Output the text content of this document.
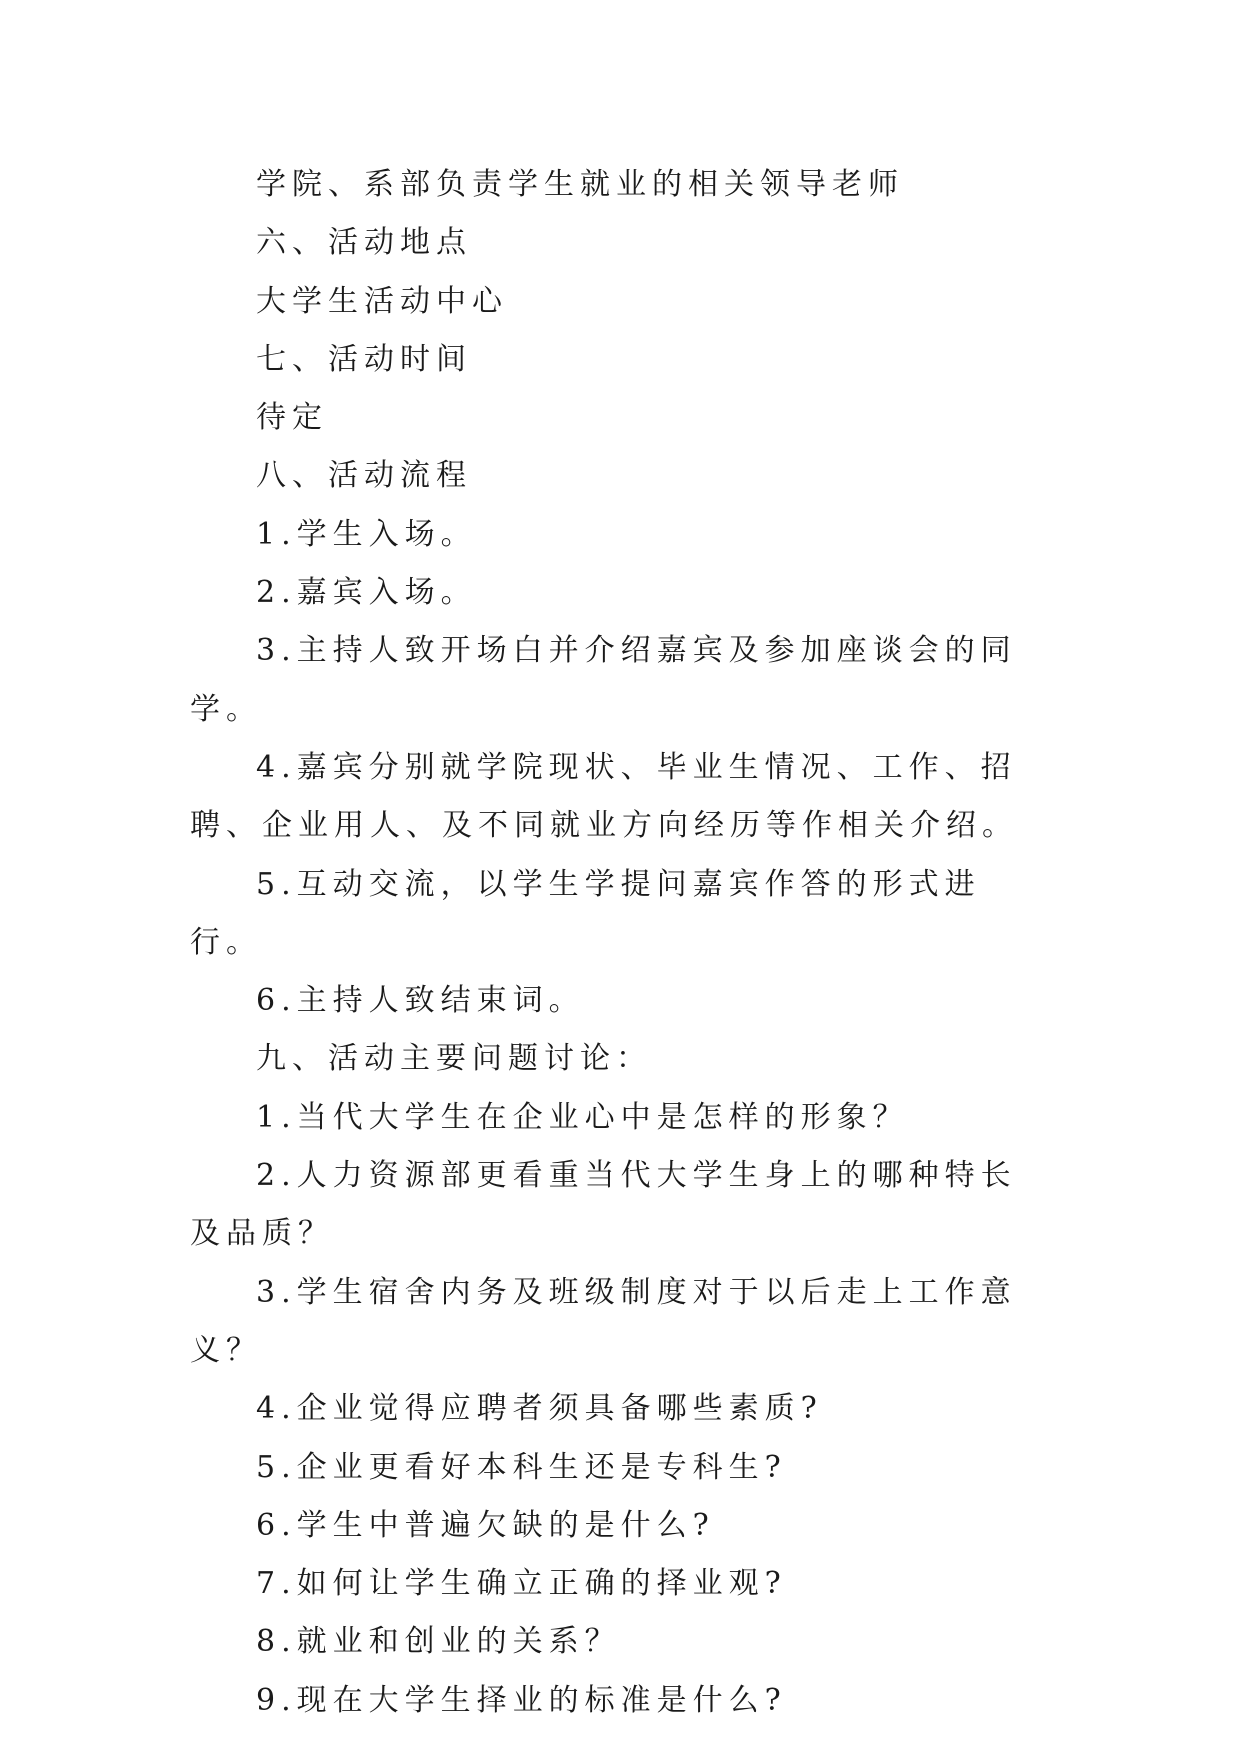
学院、系部负责学生就业的相关领导老师

六、活动地点

大学生活动中心

七、活动时间

待定

八、活动流程

1.学生入场。

2.嘉宾入场。

3.主持人致开场白并介绍嘉宾及参加座谈会的同学。

4.嘉宾分别就学院现状、毕业生情况、工作、招聘、企业用人、及不同就业方向经历等作相关介绍。

5.互动交流，以学生学提问嘉宾作答的形式进行。

6.主持人致结束词。

九、活动主要问题讨论：

1.当代大学生在企业心中是怎样的形象？

2.人力资源部更看重当代大学生身上的哪种特长及品质？

3.学生宿舍内务及班级制度对于以后走上工作意义？

4.企业觉得应聘者须具备哪些素质?

5.企业更看好本科生还是专科生?

6.学生中普遍欠缺的是什么?

7.如何让学生确立正确的择业观?

8.就业和创业的关系？

9.现在大学生择业的标准是什么?
